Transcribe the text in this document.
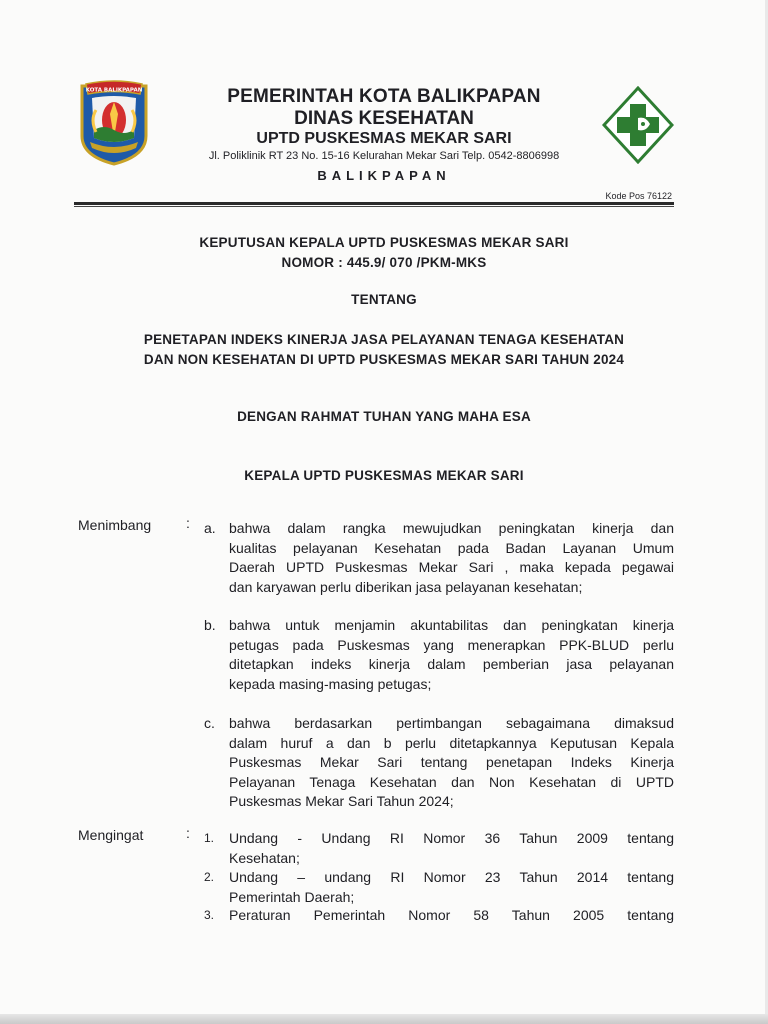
KOTA BALIKPAPAN	PEMERINTAH KOTA BALIKPAPAN
DINAS KESEHATAN
UPTD PUSKESMAS MEKAR SARI
Jl. Poliklinik RT 23 No. 15-16 Kelurahan Mekar Sari Telp. 0542-8806998
BALIKPAPAN
Kode Pos 76122
KEPUTUSAN KEPALA UPTD PUSKESMAS MEKAR SARI
NOMOR : 445.9/ 070 /PKM-MKS
TENTANG
PENETAPAN INDEKS KINERJA JASA PELAYANAN TENAGA KESEHATAN
DAN NON KESEHATAN DI UPTD PUSKESMAS MEKAR SARI TAHUN 2024
DENGAN RAHMAT TUHAN YANG MAHA ESA
KEPALA UPTD PUSKESMAS MEKAR SARI
Menimbang : a. bahwa dalam rangka mewujudkan peningkatan kinerja dan
kualitas pelayanan Kesehatan pada Badan Layanan Umum
Daerah UPTD Puskesmas Mekar Sari , maka kepada pegawai
dan karyawan perlu diberikan jasa pelayanan kesehatan;
b. bahwa untuk menjamin akuntabilitas dan peningkatan kinerja
petugas pada Puskesmas yang menerapkan PPK-BLUD perlu
ditetapkan indeks kinerja dalam pemberian jasa pelayanan
kepada masing-masing petugas;
c. bahwa berdasarkan pertimbangan sebagaimana dimaksud
dalam huruf a dan b perlu ditetapkannya Keputusan Kepala
Puskesmas Mekar Sari tentang penetapan Indeks Kinerja
Pelayanan Tenaga Kesehatan dan Non Kesehatan di UPTD
Puskesmas Mekar Sari Tahun 2024;
Mengingat	: 1. Undang - Undang RI Nomor 36 Tahun 2009 tentang
Kesehatan;
2. Undang – undang RI Nomor 23 Tahun 2014 tentang
Pemerintah Daerah;
3. Peraturan Pemerintah Nomor 58 Tahun 2005 tentang
